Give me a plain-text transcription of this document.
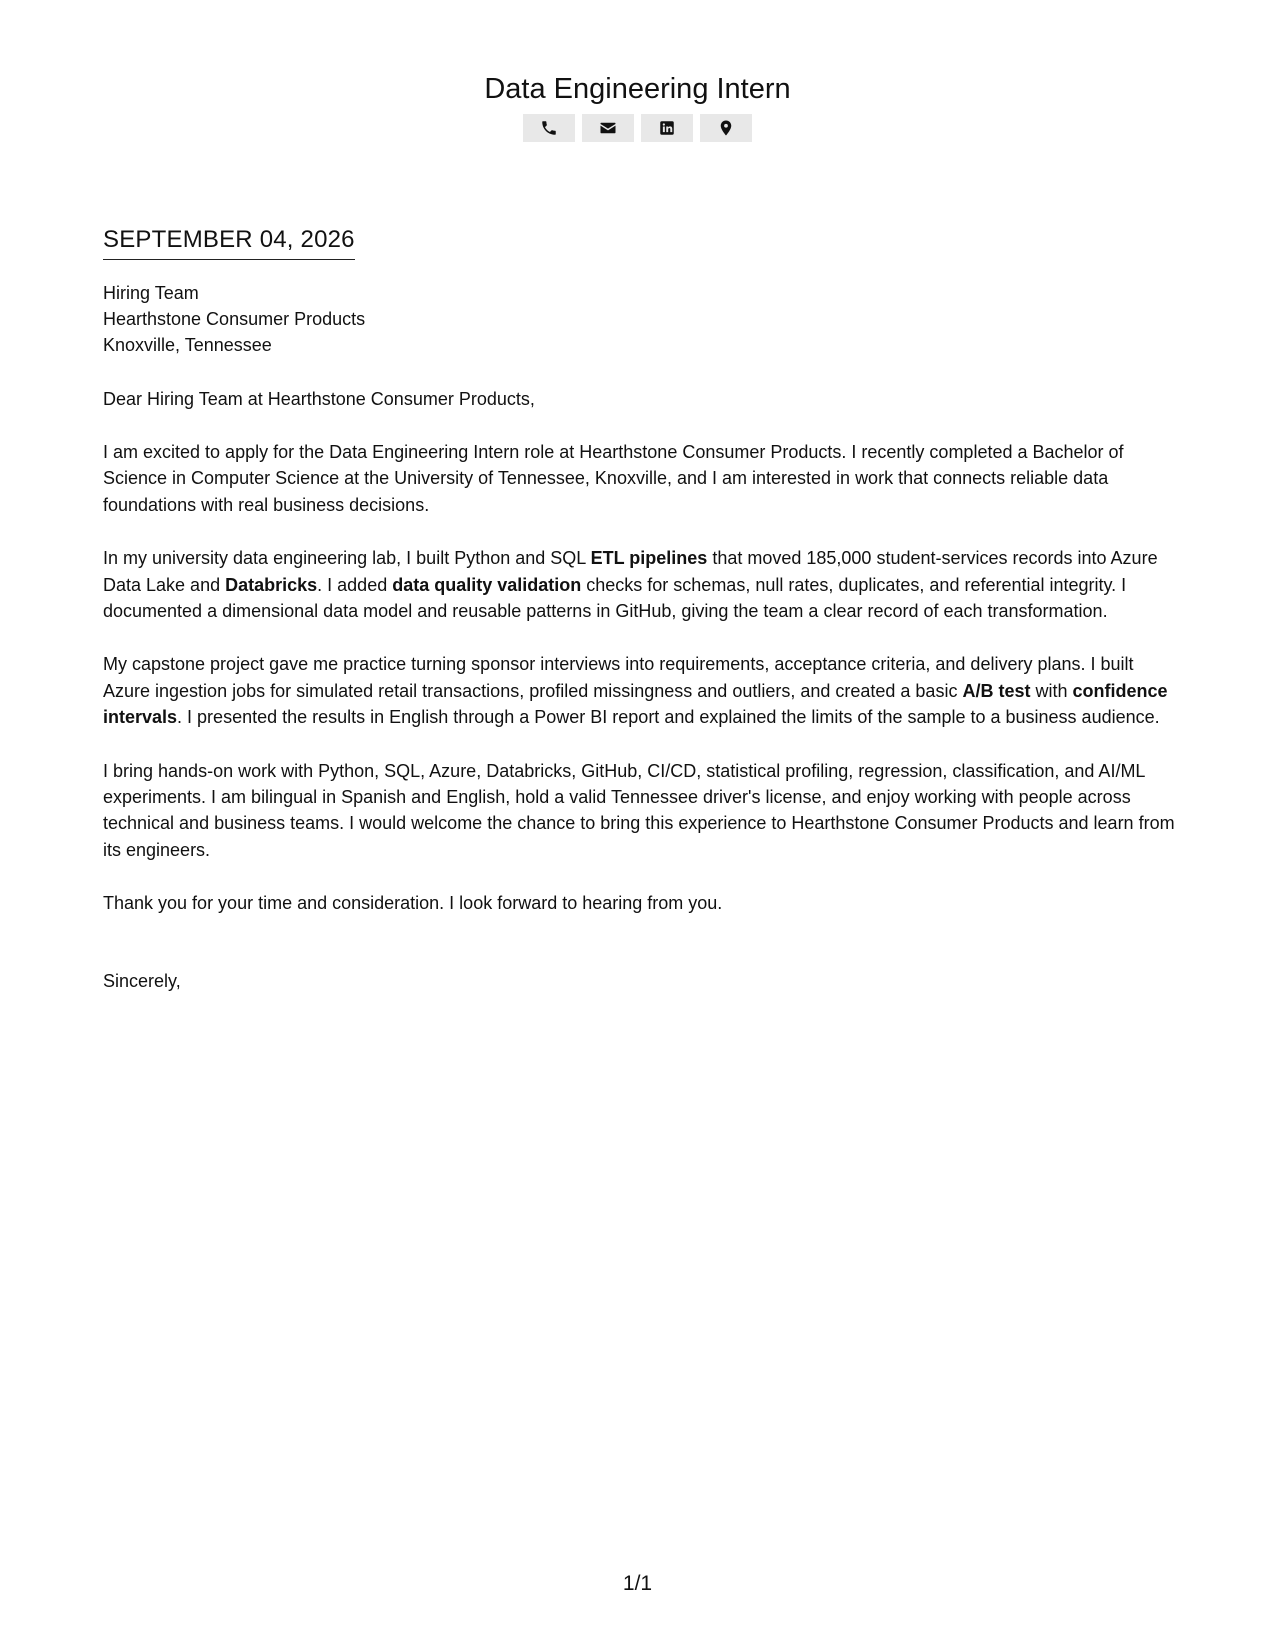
Data Engineering Intern
SEPTEMBER 04, 2026
Hiring Team
Hearthstone Consumer Products
Knoxville, Tennessee
Dear Hiring Team at Hearthstone Consumer Products,
I am excited to apply for the Data Engineering Intern role at Hearthstone Consumer Products. I recently completed a Bachelor of Science in Computer Science at the University of Tennessee, Knoxville, and I am interested in work that connects reliable data foundations with real business decisions.
In my university data engineering lab, I built Python and SQL ETL pipelines that moved 185,000 student-services records into Azure Data Lake and Databricks. I added data quality validation checks for schemas, null rates, duplicates, and referential integrity. I documented a dimensional data model and reusable patterns in GitHub, giving the team a clear record of each transformation.
My capstone project gave me practice turning sponsor interviews into requirements, acceptance criteria, and delivery plans. I built Azure ingestion jobs for simulated retail transactions, profiled missingness and outliers, and created a basic A/B test with confidence intervals. I presented the results in English through a Power BI report and explained the limits of the sample to a business audience.
I bring hands-on work with Python, SQL, Azure, Databricks, GitHub, CI/CD, statistical profiling, regression, classification, and AI/ML experiments. I am bilingual in Spanish and English, hold a valid Tennessee driver's license, and enjoy working with people across technical and business teams. I would welcome the chance to bring this experience to Hearthstone Consumer Products and learn from its engineers.
Thank you for your time and consideration. I look forward to hearing from you.
Sincerely,
1/1
